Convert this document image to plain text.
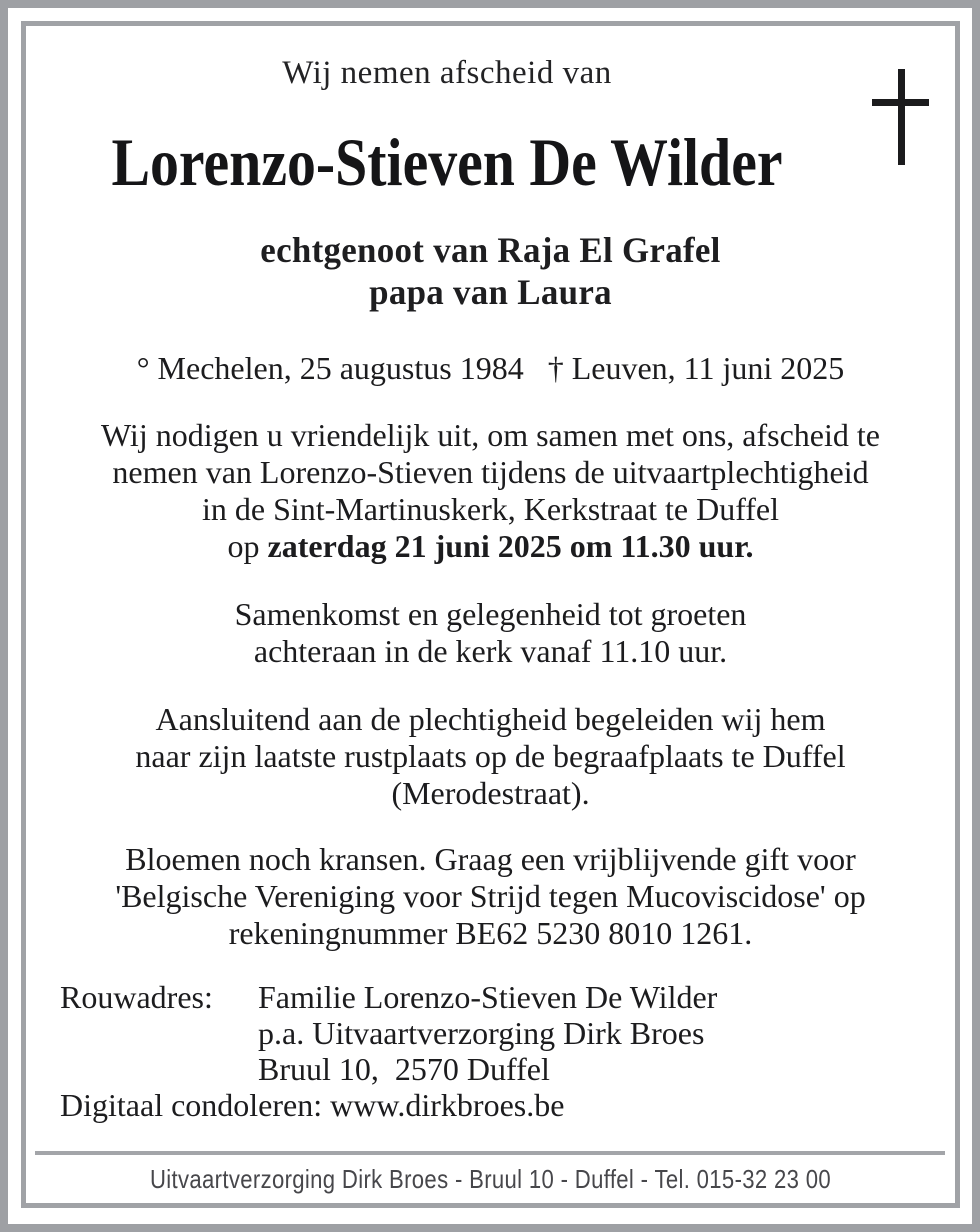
Wij nemen afscheid van

Lorenzo-Stieven De Wilder
echtgenoot van Raja El Grafel
papa van Laura

° Mechelen, 25 augustus 1984   † Leuven, 11 juni 2025

Wij nodigen u vriendelijk uit, om samen met ons, afscheid te
nemen van Lorenzo-Stieven tijdens de uitvaartplechtigheid
in de Sint-Martinuskerk, Kerkstraat te Duffel
op zaterdag 21 juni 2025 om 11.30 uur.
Samenkomst en gelegenheid tot groeten
achteraan in de kerk vanaf 11.10 uur.
Aansluitend aan de plechtigheid begeleiden wij hem
naar zijn laatste rustplaats op de begraafplaats te Duffel
(Merodestraat).
Bloemen noch kransen. Graag een vrijblijvende gift voor
'Belgische Vereniging voor Strijd tegen Mucoviscidose' op
rekeningnummer BE62 5230 8010 1261.
Rouwadres: Familie Lorenzo-Stieven De Wilder
p.a. Uitvaartverzorging Dirk Broes
Bruul 10,  2570 Duffel
Digitaal condoleren: www.dirkbroes.be
Uitvaartverzorging Dirk Broes - Bruul 10 - Duffel - Tel. 015-32 23 00
